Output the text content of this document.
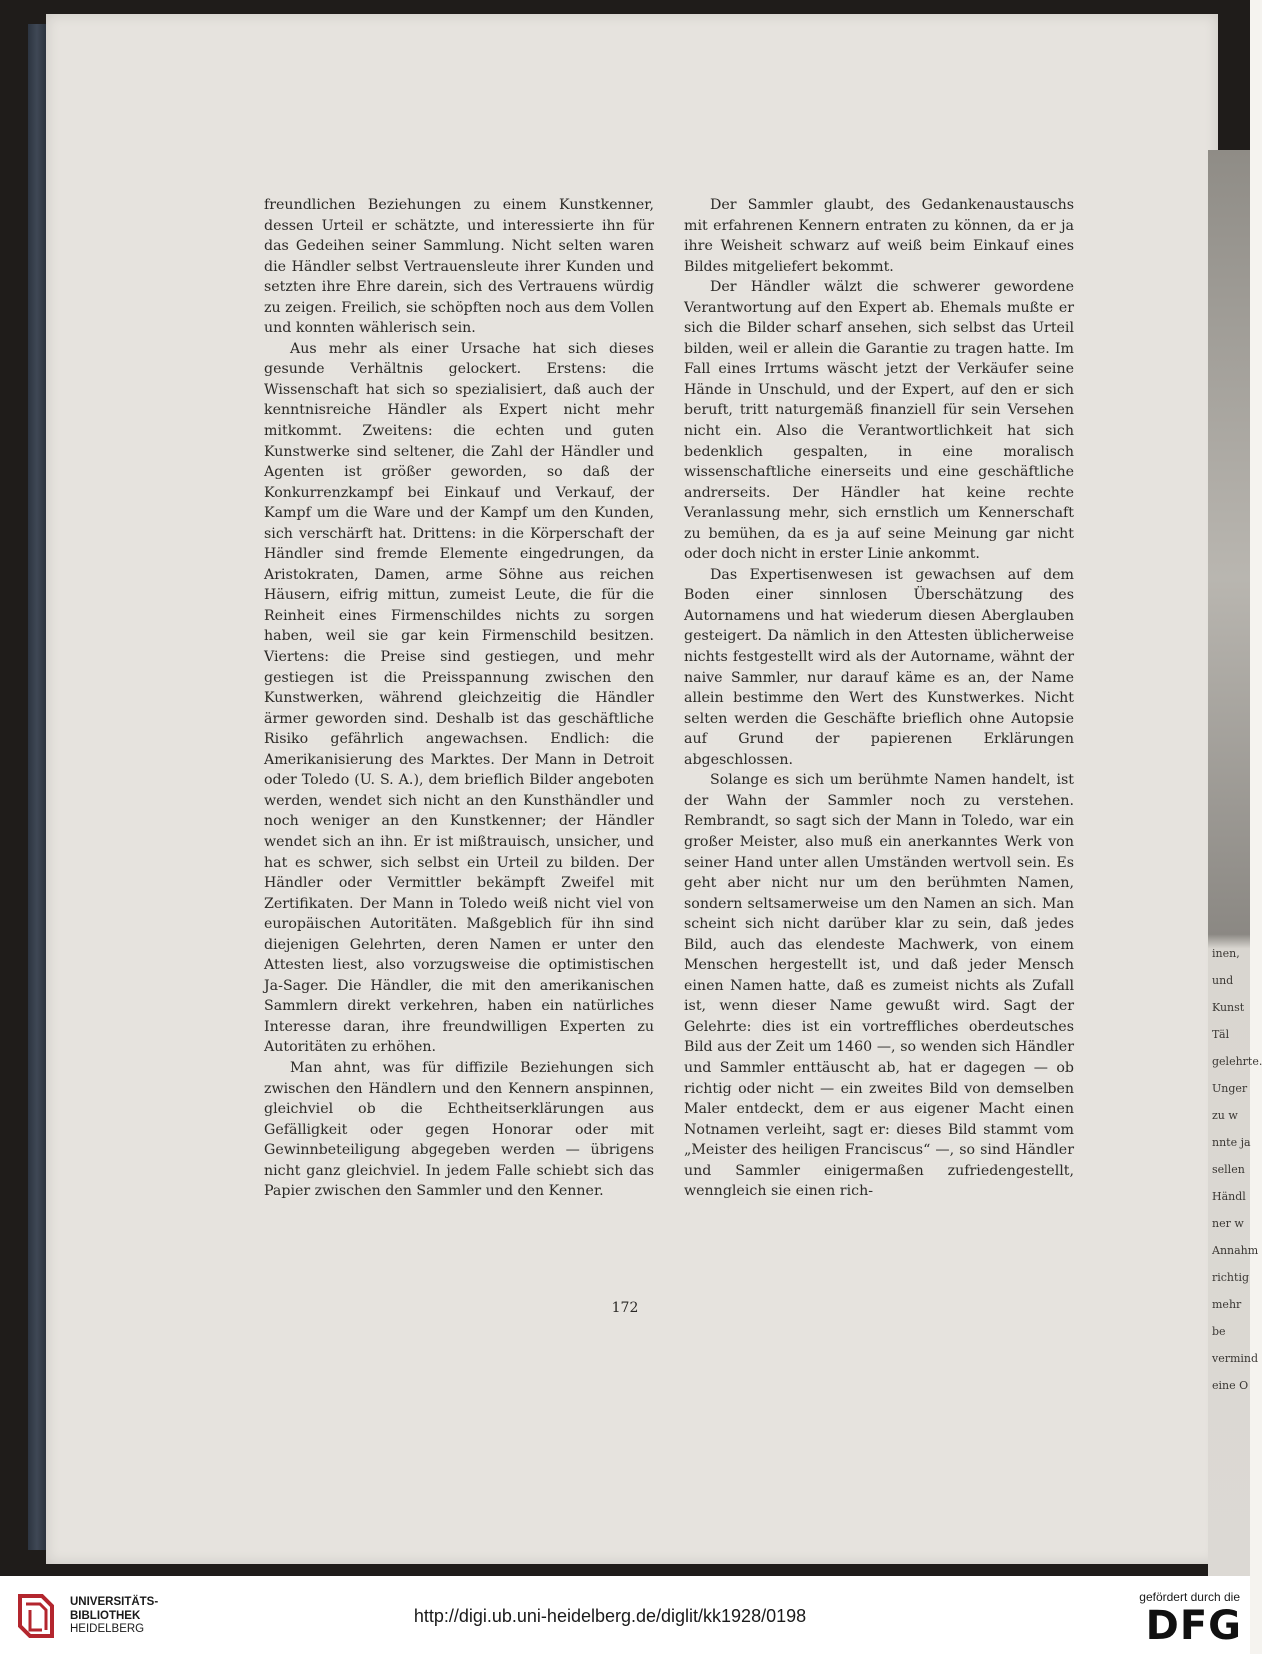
inen, und
Kunst
Täl
gelehrte.
Unger
zu w
nnte ja
sellen
Händl
ner w
Annahm
richtig
mehr be
vermind
eine O

freundlichen Beziehungen zu einem Kunstkenner, dessen Urteil er schätzte, und interessierte ihn für das Gedeihen seiner Sammlung. Nicht selten waren die Händler selbst Vertrauensleute ihrer Kunden und setzten ihre Ehre darein, sich des Vertrauens würdig zu zeigen. Freilich, sie schöpften noch aus dem Vollen und konnten wählerisch sein.

Aus mehr als einer Ursache hat sich dieses gesunde Verhältnis gelockert. Erstens: die Wissenschaft hat sich so spezialisiert, daß auch der kenntnisreiche Händler als Expert nicht mehr mitkommt. Zweitens: die echten und guten Kunstwerke sind seltener, die Zahl der Händler und Agenten ist größer geworden, so daß der Konkurrenzkampf bei Einkauf und Verkauf, der Kampf um die Ware und der Kampf um den Kunden, sich verschärft hat. Drittens: in die Körperschaft der Händler sind fremde Elemente eingedrungen, da Aristokraten, Damen, arme Söhne aus reichen Häusern, eifrig mittun, zumeist Leute, die für die Reinheit eines Firmenschildes nichts zu sorgen haben, weil sie gar kein Firmenschild besitzen. Viertens: die Preise sind gestiegen, und mehr gestiegen ist die Preisspannung zwischen den Kunstwerken, während gleichzeitig die Händler ärmer geworden sind. Deshalb ist das geschäftliche Risiko gefährlich angewachsen. Endlich: die Amerikanisierung des Marktes. Der Mann in Detroit oder Toledo (U. S. A.), dem brieflich Bilder angeboten werden, wendet sich nicht an den Kunsthändler und noch weniger an den Kunstkenner; der Händler wendet sich an ihn. Er ist mißtrauisch, unsicher, und hat es schwer, sich selbst ein Urteil zu bilden. Der Händler oder Vermittler bekämpft Zweifel mit Zertifikaten. Der Mann in Toledo weiß nicht viel von europäischen Autoritäten. Maßgeblich für ihn sind diejenigen Gelehrten, deren Namen er unter den Attesten liest, also vorzugsweise die optimistischen Ja-Sager. Die Händler, die mit den amerikanischen Sammlern direkt verkehren, haben ein natürliches Interesse daran, ihre freundwilligen Experten zu Autoritäten zu erhöhen.

Man ahnt, was für diffizile Beziehungen sich zwischen den Händlern und den Kennern anspinnen, gleichviel ob die Echtheitserklärungen aus Gefälligkeit oder gegen Honorar oder mit Gewinnbeteiligung abgegeben werden — übrigens nicht ganz gleichviel. In jedem Falle schiebt sich das Papier zwischen den Sammler und den Kenner.

Der Sammler glaubt, des Gedankenaustauschs mit erfahrenen Kennern entraten zu können, da er ja ihre Weisheit schwarz auf weiß beim Einkauf eines Bildes mitgeliefert bekommt.

Der Händler wälzt die schwerer gewordene Verantwortung auf den Expert ab. Ehemals mußte er sich die Bilder scharf ansehen, sich selbst das Urteil bilden, weil er allein die Garantie zu tragen hatte. Im Fall eines Irrtums wäscht jetzt der Verkäufer seine Hände in Unschuld, und der Expert, auf den er sich beruft, tritt naturgemäß finanziell für sein Versehen nicht ein. Also die Verantwortlichkeit hat sich bedenklich gespalten, in eine moralisch wissenschaftliche einerseits und eine geschäftliche andrerseits. Der Händler hat keine rechte Veranlassung mehr, sich ernstlich um Kennerschaft zu bemühen, da es ja auf seine Meinung gar nicht oder doch nicht in erster Linie ankommt.

Das Expertisenwesen ist gewachsen auf dem Boden einer sinnlosen Überschätzung des Autornamens und hat wiederum diesen Aberglauben gesteigert. Da nämlich in den Attesten üblicherweise nichts festgestellt wird als der Autorname, wähnt der naive Sammler, nur darauf käme es an, der Name allein bestimme den Wert des Kunstwerkes. Nicht selten werden die Geschäfte brieflich ohne Autopsie auf Grund der papierenen Erklärungen abgeschlossen.

Solange es sich um berühmte Namen handelt, ist der Wahn der Sammler noch zu verstehen. Rembrandt, so sagt sich der Mann in Toledo, war ein großer Meister, also muß ein anerkanntes Werk von seiner Hand unter allen Umständen wertvoll sein. Es geht aber nicht nur um den berühmten Namen, sondern seltsamerweise um den Namen an sich. Man scheint sich nicht darüber klar zu sein, daß jedes Bild, auch das elendeste Machwerk, von einem Menschen hergestellt ist, und daß jeder Mensch einen Namen hatte, daß es zumeist nichts als Zufall ist, wenn dieser Name gewußt wird. Sagt der Gelehrte: dies ist ein vortreffliches oberdeutsches Bild aus der Zeit um 1460 —, so wenden sich Händler und Sammler enttäuscht ab, hat er dagegen — ob richtig oder nicht — ein zweites Bild von demselben Maler entdeckt, dem er aus eigener Macht einen Notnamen verleiht, sagt er: dieses Bild stammt vom „Meister des heiligen Franciscus“ —, so sind Händler und Sammler einigermaßen zufriedengestellt, wenngleich sie einen rich-

172
UNIVERSITÄTS-
BIBLIOTHEK
HEIDELBERG
http://digi.ub.uni-heidelberg.de/diglit/kk1928/0198
gefördert durch die
DFG
